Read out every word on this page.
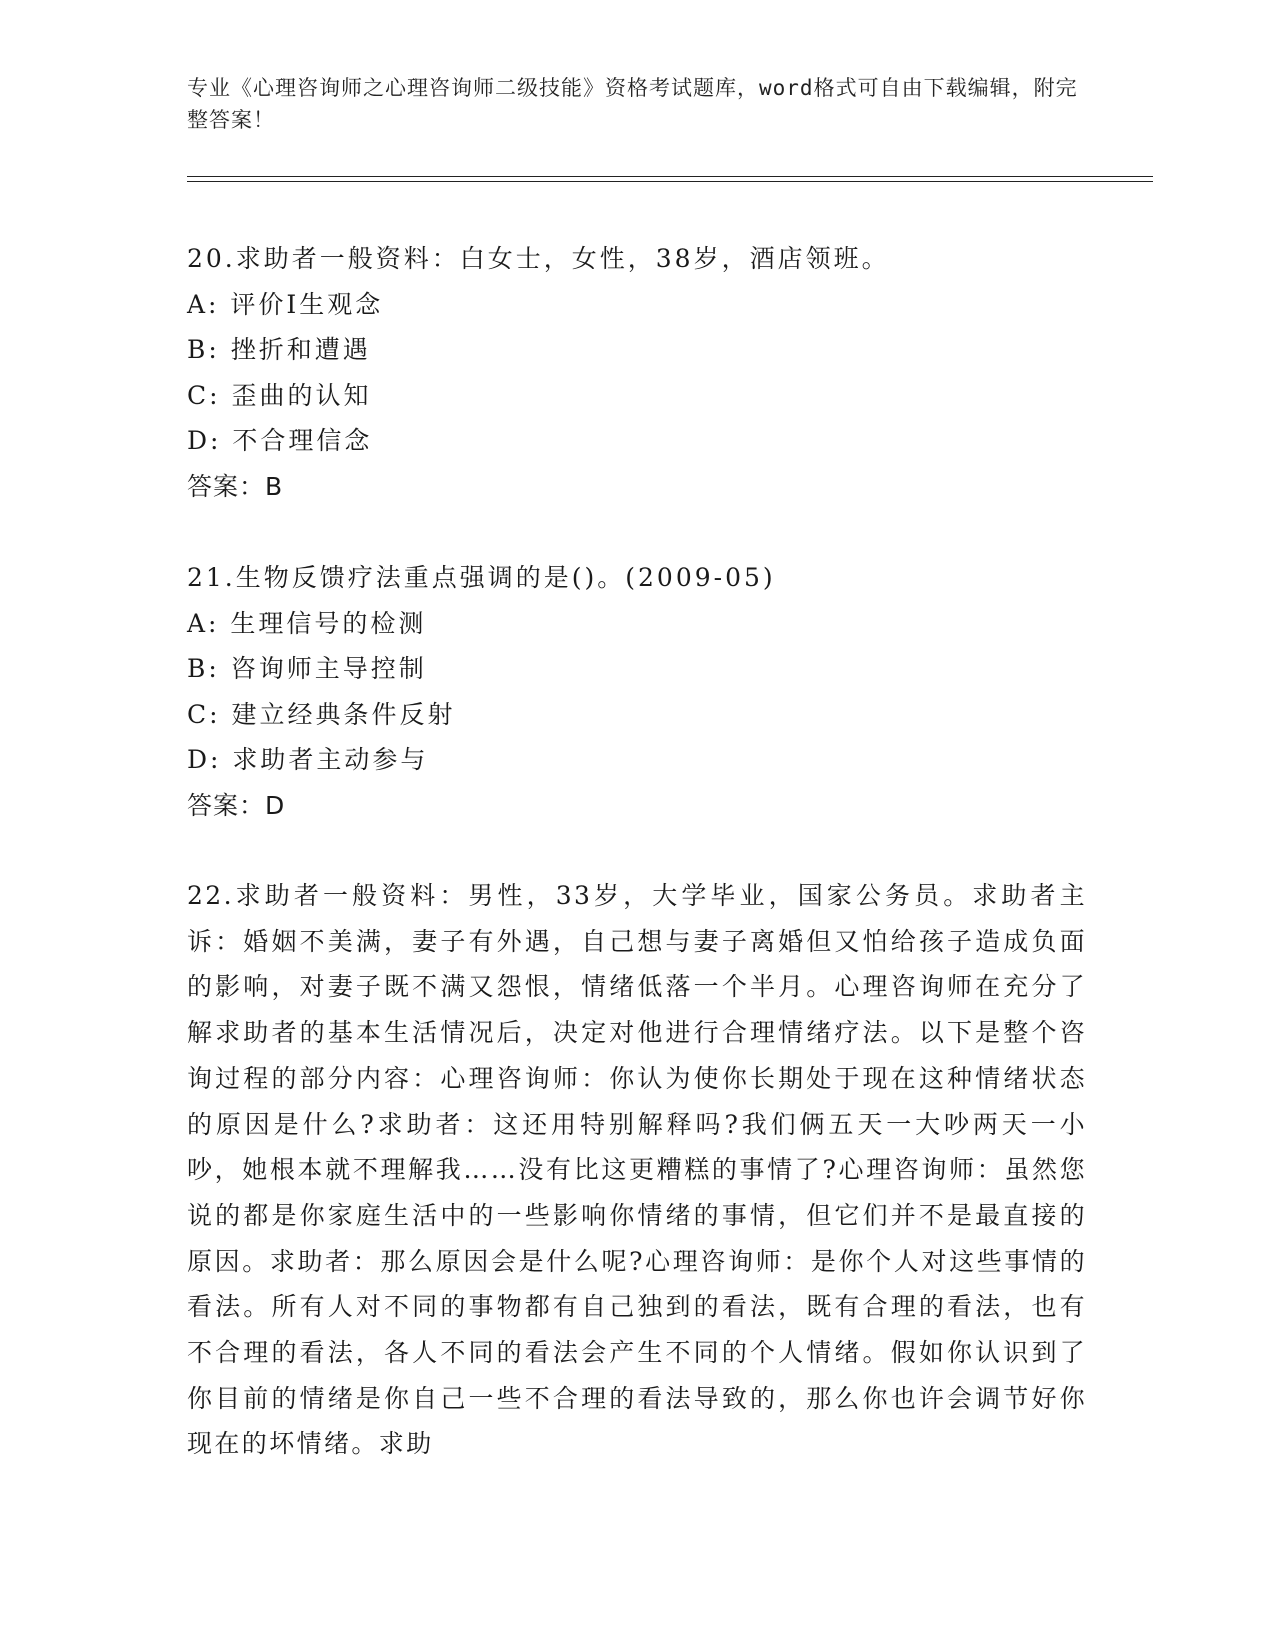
专业《心理咨询师之心理咨询师二级技能》资格考试题库，word格式可自由下载编辑，附完整答案！
20.求助者一般资料：白女士，女性，38岁，酒店领班。
A: 评价I生观念
B: 挫折和遭遇
C: 歪曲的认知
D: 不合理信念
答案：B
21.生物反馈疗法重点强调的是()。(2009-05)
A: 生理信号的检测
B: 咨询师主导控制
C: 建立经典条件反射
D: 求助者主动参与
答案：D
22.求助者一般资料：男性，33岁，大学毕业，国家公务员。求助者主诉：婚姻不美满，妻子有外遇，自己想与妻子离婚但又怕给孩子造成负面的影响，对妻子既不满又怨恨，情绪低落一个半月。心理咨询师在充分了解求助者的基本生活情况后，决定对他进行合理情绪疗法。以下是整个咨询过程的部分内容：心理咨询师：你认为使你长期处于现在这种情绪状态的原因是什么?求助者：这还用特别解释吗?我们俩五天一大吵两天一小吵，她根本就不理解我……没有比这更糟糕的事情了?心理咨询师：虽然您说的都是你家庭生活中的一些影响你情绪的事情，但它们并不是最直接的原因。求助者：那么原因会是什么呢?心理咨询师：是你个人对这些事情的看法。所有人对不同的事物都有自己独到的看法，既有合理的看法，也有不合理的看法，各人不同的看法会产生不同的个人情绪。假如你认识到了你目前的情绪是你自己一些不合理的看法导致的，那么你也许会调节好你现在的坏情绪。求助
